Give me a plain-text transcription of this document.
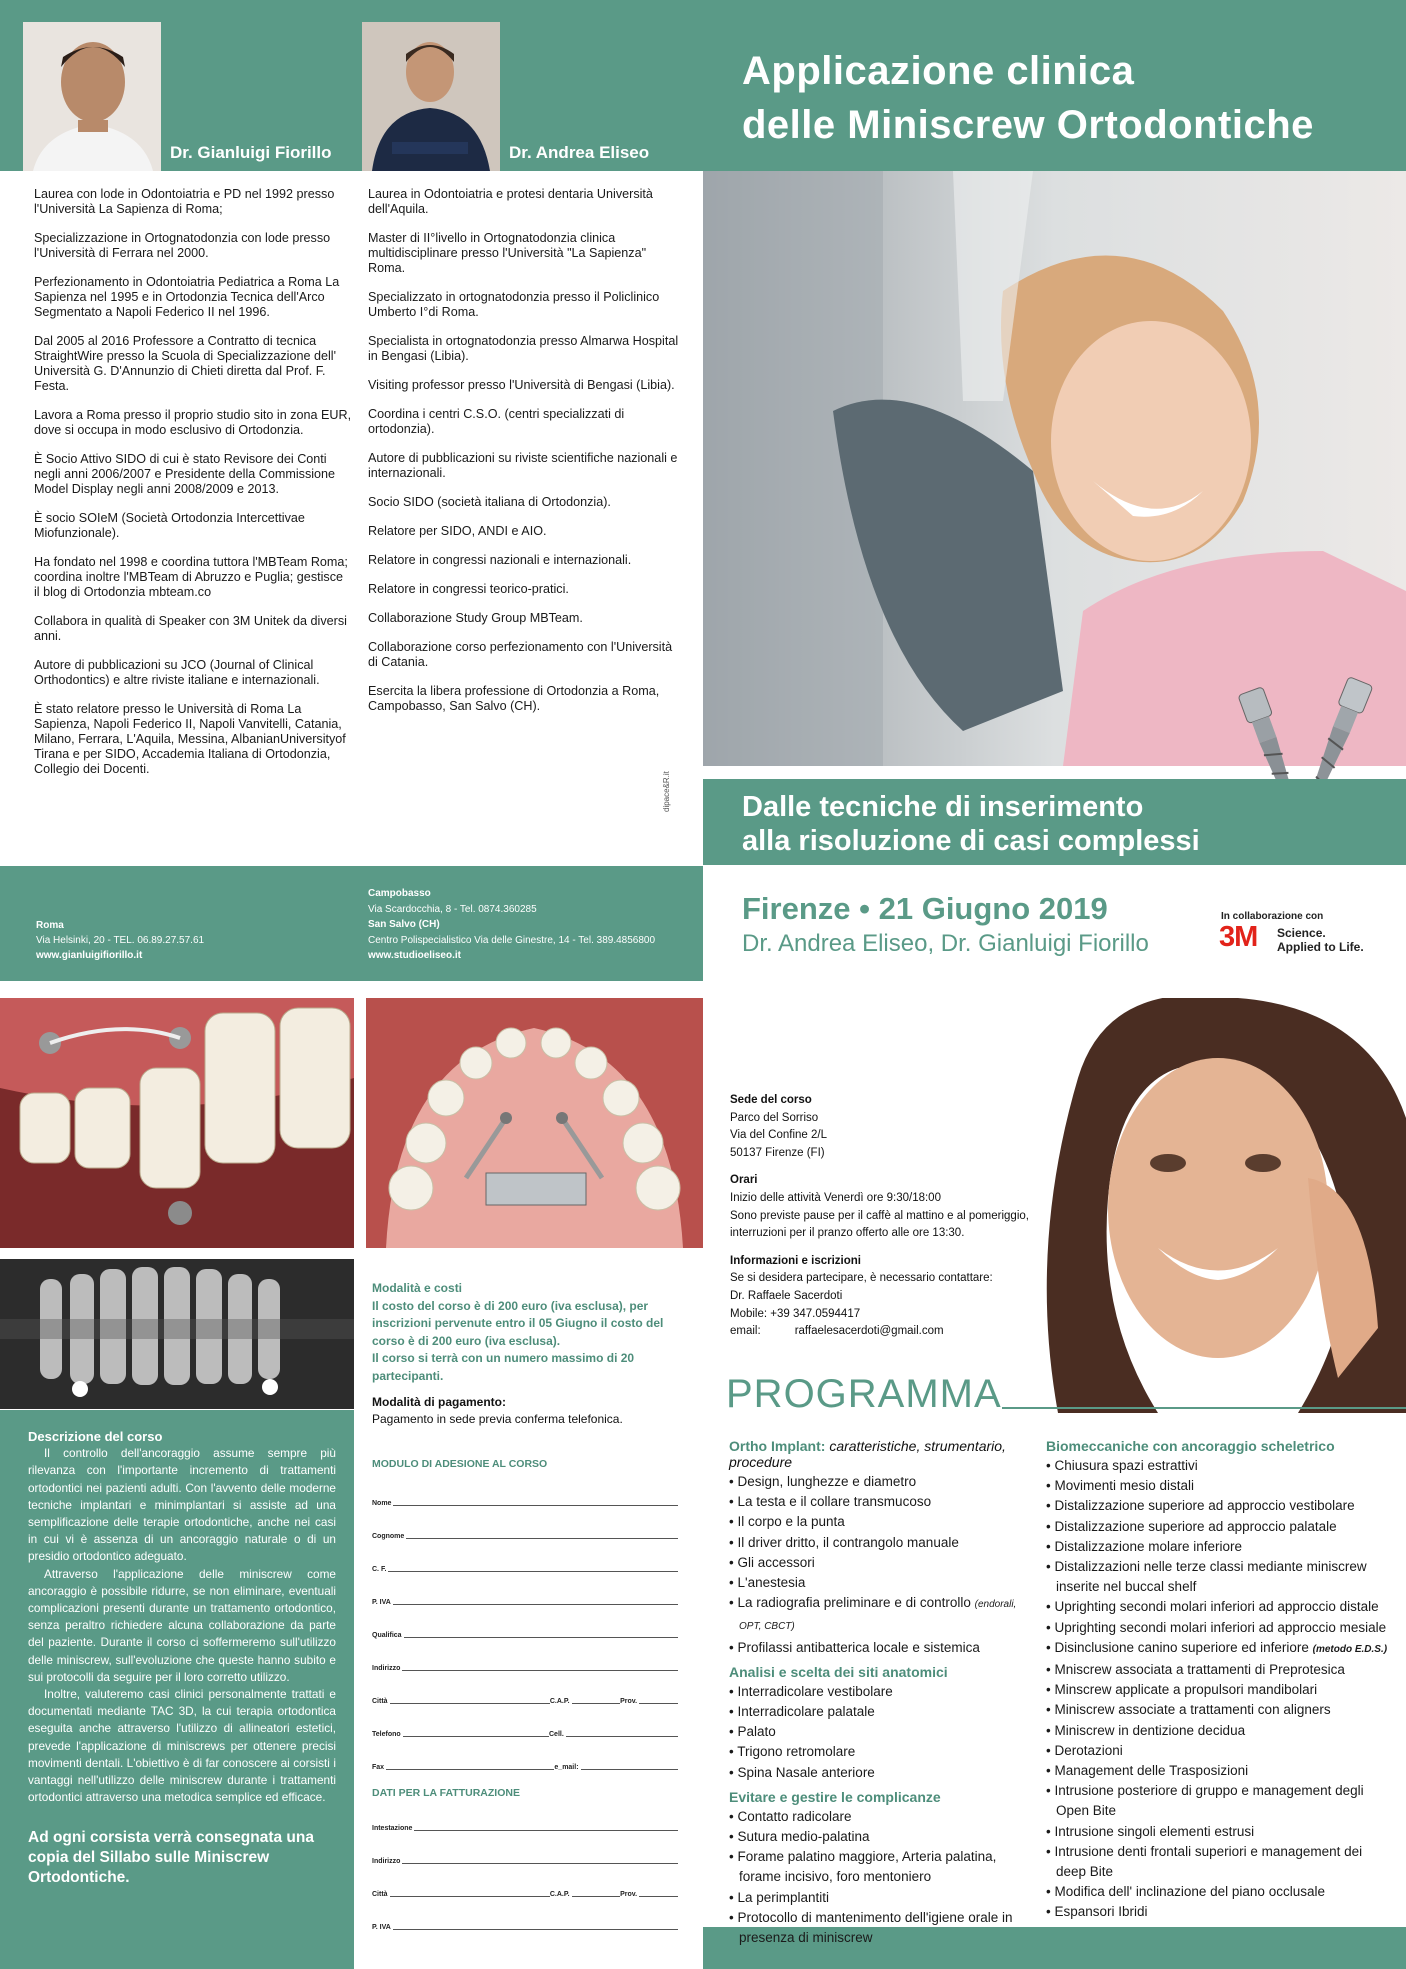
Dr. Gianluigi Fiorillo	Dr. Andrea Eliseo
Applicazione clinica
delle Miniscrew Ortodontiche

Laurea con lode in Odontoiatria e PD nel 1992 presso l'Università La Sapienza di Roma;

Specializzazione in Ortognatodonzia con lode presso l'Università di Ferrara nel 2000.

Perfezionamento in Odontoiatria Pediatrica a Roma La Sapienza nel 1995 e in Ortodonzia Tecnica dell'Arco Segmentato a Napoli Federico II nel 1996.

Dal 2005 al 2016 Professore a Contratto di tecnica StraightWire presso la Scuola di Specializzazione dell' Università G. D'Annunzio di Chieti diretta dal Prof. F. Festa.

Lavora a Roma presso il proprio studio sito in zona EUR, dove si occupa in modo esclusivo di Ortodonzia.

È Socio Attivo SIDO di cui è stato Revisore dei Conti negli anni 2006/2007 e Presidente della Commissione Model Display negli anni 2008/2009 e 2013.

È socio SOIeM (Società Ortodonzia Intercettivae Miofunzionale).

Ha fondato nel 1998 e coordina tuttora l'MBTeam Roma; coordina inoltre l'MBTeam di Abruzzo e Puglia; gestisce il blog di Ortodonzia mbteam.co

Collabora in qualità di Speaker con 3M Unitek da diversi anni.

Autore di pubblicazioni su JCO (Journal of Clinical Orthodontics) e altre riviste italiane e internazionali.

È stato relatore presso le Università di Roma La Sapienza, Napoli Federico II, Napoli Vanvitelli, Catania, Milano, Ferrara, L'Aquila, Messina, AlbanianUniversityof Tirana e per SIDO, Accademia Italiana di Ortodonzia, Collegio dei Docenti.

Laurea in Odontoiatria e protesi dentaria Università dell'Aquila.

Master di II°livello in Ortognatodonzia clinica multidisciplinare presso l'Università "La Sapienza" Roma.

Specializzato in ortognatodonzia presso il Policlinico Umberto I°di Roma.

Specialista in ortognatodonzia presso Almarwa Hospital in Bengasi (Libia).

Visiting professor presso l'Università di Bengasi (Libia).

Coordina i centri C.S.O. (centri specializzati di ortodonzia).

Autore di pubblicazioni su riviste scientifiche nazionali e internazionali.

Socio SIDO (società italiana di Ortodonzia).

Relatore per SIDO, ANDI e AIO.

Relatore in congressi nazionali e internazionali.

Relatore in congressi teorico-pratici.

Collaborazione Study Group MBTeam.

Collaborazione corso perfezionamento con l'Università di Catania.

Esercita la libera professione di Ortodonzia a Roma, Campobasso, San Salvo (CH).

dipace&R.it Dalle tecniche di inserimento
alla risoluzione di casi complessi
Roma
Via Helsinki, 20 - TEL. 06.89.27.57.61
www.gianluigifiorillo.it
Campobasso
Via Scardocchia, 8 - Tel. 0874.360285
San Salvo (CH)
Centro Polispecialistico Via delle Ginestre, 14 - Tel. 389.4856800
www.studioeliseo.it
Firenze • 21 Giugno 2019
Dr. Andrea Eliseo, Dr. Gianluigi Fiorillo
In collaborazione con
3M Science.
Applied to Life.
Sede del corso
Parco del Sorriso
Via del Confine 2/L
50137 Firenze (FI)
Orari
Inizio delle attività Venerdì ore 9:30/18:00
Sono previste pause per il caffè al mattino e al pomeriggio,
interruzioni per il pranzo offerto alle ore 13:30.
Informazioni e iscrizioni
Se si desidera partecipare, è necessario contattare:
Dr. Raffaele Sacerdoti
Mobile: +39 347.0594417
email:	raffaelesacerdoti@gmail.com
Modalità e costi
Il costo del corso è di 200 euro (iva esclusa), per inscrizioni pervenute entro il 05 Giugno il costo del corso è di 200 euro (iva esclusa).
Il corso si terrà con un numero massimo di 20 partecipanti.
Modalità di pagamento:
Pagamento in sede previa conferma telefonica.
MODULO DI ADESIONE AL CORSO
Nome
Cognome
C. F.
P. IVA
Qualifica
Indirizzo
Città	C.A.P.	Prov.
Telefono	Cell.
Fax	e_mail:
DATI PER LA FATTURAZIONE
Intestazione
Indirizzo
Città	C.A.P.	Prov.
P. IVA
Descrizione del corso

Il controllo dell'ancoraggio assume sempre più rilevanza con l'importante incremento di trattamenti ortodontici nei pazienti adulti. Con l'avvento delle moderne tecniche implantari e minimplantari si assiste ad una semplificazione delle terapie ortodontiche, anche nei casi in cui vi è assenza di un ancoraggio naturale o di un presidio ortodontico adeguato.

Attraverso l'applicazione delle miniscrew come ancoraggio è possibile ridurre, se non eliminare, eventuali complicazioni presenti durante un trattamento ortodontico, senza peraltro richiedere alcuna collaborazione da parte del paziente. Durante il corso ci soffermeremo sull'utilizzo delle miniscrew, sull'evoluzione che queste hanno subito e sui protocolli da seguire per il loro corretto utilizzo.

Inoltre, valuteremo casi clinici personalmente trattati e documentati mediante TAC 3D, la cui terapia ortodontica eseguita anche attraverso l'utilizzo di allineatori estetici, prevede l'applicazione di miniscrews per ottenere precisi movimenti dentali. L'obiettivo è di far conoscere ai corsisti i vantaggi nell'utilizzo delle miniscrew durante i trattamenti ortodontici attraverso una metodica semplice ed efficace.

Ad ogni corsista verrà consegnata una copia del Sillabo sulle Miniscrew Ortodontiche.

PROGRAMMA
Ortho Implant: caratteristiche, strumentario, procedure
• Design, lunghezze e diametro
• La testa e il collare transmucoso
• Il corpo e la punta
• Il driver dritto, il contrangolo manuale
• Gli accessori
• L'anestesia
• La radiografia preliminare e di controllo (endorali, OPT, CBCT)
• Profilassi antibatterica locale e sistemica
Analisi e scelta dei siti anatomici
• Interradicolare vestibolare
• Interradicolare palatale
• Palato
• Trigono retromolare
• Spina Nasale anteriore
Evitare e gestire le complicanze
• Contatto radicolare
• Sutura medio-palatina
• Forame palatino maggiore, Arteria palatina, forame incisivo, foro mentoniero
• La perimplantiti
• Protocollo di mantenimento dell'igiene orale in presenza di miniscrew
Biomeccaniche con ancoraggio scheletrico
• Chiusura spazi estrattivi
• Movimenti mesio distali
• Distalizzazione superiore ad approccio vestibolare
• Distalizzazione superiore ad approccio palatale
• Distalizzazione molare inferiore
• Distalizzazioni nelle terze classi mediante miniscrew inserite nel buccal shelf
• Uprighting secondi molari inferiori ad approccio distale
• Uprighting secondi molari inferiori ad approccio mesiale
• Disinclusione canino superiore ed inferiore (metodo E.D.S.)
• Mniscrew associata a trattamenti di Preprotesica
• Minscrew applicate a propulsori mandibolari
• Miniscrew associate a trattamenti con aligners
• Miniscrew in dentizione decidua
• Derotazioni
• Management delle Trasposizioni
• Intrusione posteriore di gruppo e management degli Open Bite
• Intrusione singoli elementi estrusi
• Intrusione denti frontali superiori e management dei deep Bite
• Modifica dell' inclinazione del piano occlusale
• Espansori Ibridi
